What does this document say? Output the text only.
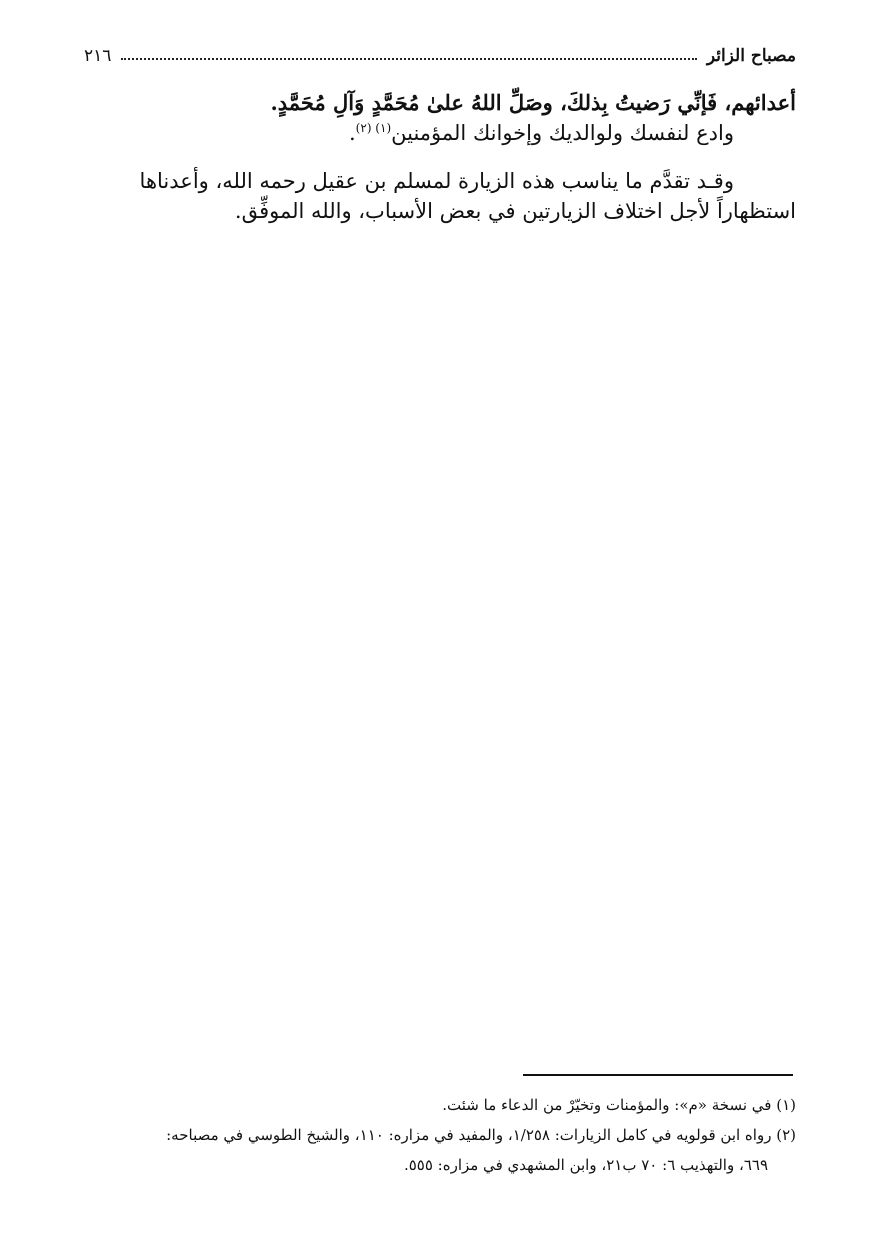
مصباح الزائر
٢١٦

أعدائهم، فَإنِّي رَضيتُ بِذلكَ، وصَلِّ اللهُ علىٰ مُحَمَّدٍ وَآلِ مُحَمَّدٍ.

وادع لنفسك ولوالديك وإخوانك المؤمنين$^{(١) (٢)}$.

وقـد تقدَّم ما يناسب هذه الزيارة لمسلم بن عقيل رحمه الله، وأعدناها

استظهاراً لأجل اختلاف الزيارتين في بعض الأسباب، والله الموفِّق.

(١) في نسخة «م»: والمؤمنات وتخيّرْ من الدعاء ما شئت.

(٢) رواه ابن قولويه في كامل الزيارات: ١/٢٥٨، والمفيد في مزاره: ١١٠، والشيخ الطوسي في مصباحه:

٦٦٩، والتهذيب ٦: ٧٠ ب٢١، وابن المشهدي في مزاره: ٥٥٥.
